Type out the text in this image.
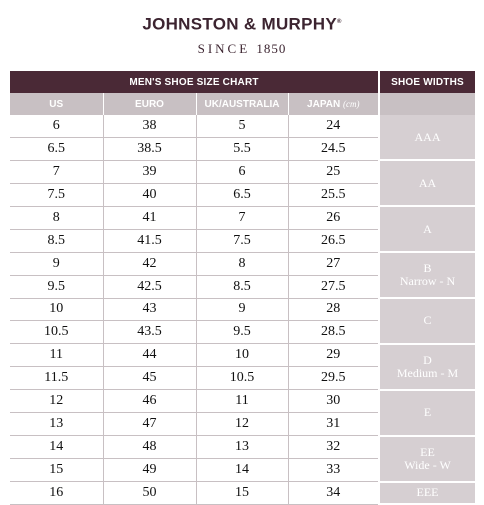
JOHNSTON & MURPHY®
SINCE 1850
MEN'S SHOE SIZE CHART				SHOE WIDTHS
US	EURO	UK/AUSTRALIA	JAPAN (cm)	
6	38	5	24	AAA

6.5	38.5	5.5	24.5	
7	39	6	25	AA

7.5	40	6.5	25.5	
8	41	7	26	A

8.5	41.5	7.5	26.5	
9	42	8	27	B
Narrow - N

9.5	42.5	8.5	27.5	
10	43	9	28	C

10.5	43.5	9.5	28.5	
11	44	10	29	D
Medium - M

11.5	45	10.5	29.5	
12	46	11	30	E

13	47	12	31	
14	48	13	32	EE
Wide - W

15	49	14	33	
16	50	15	34	EEE
